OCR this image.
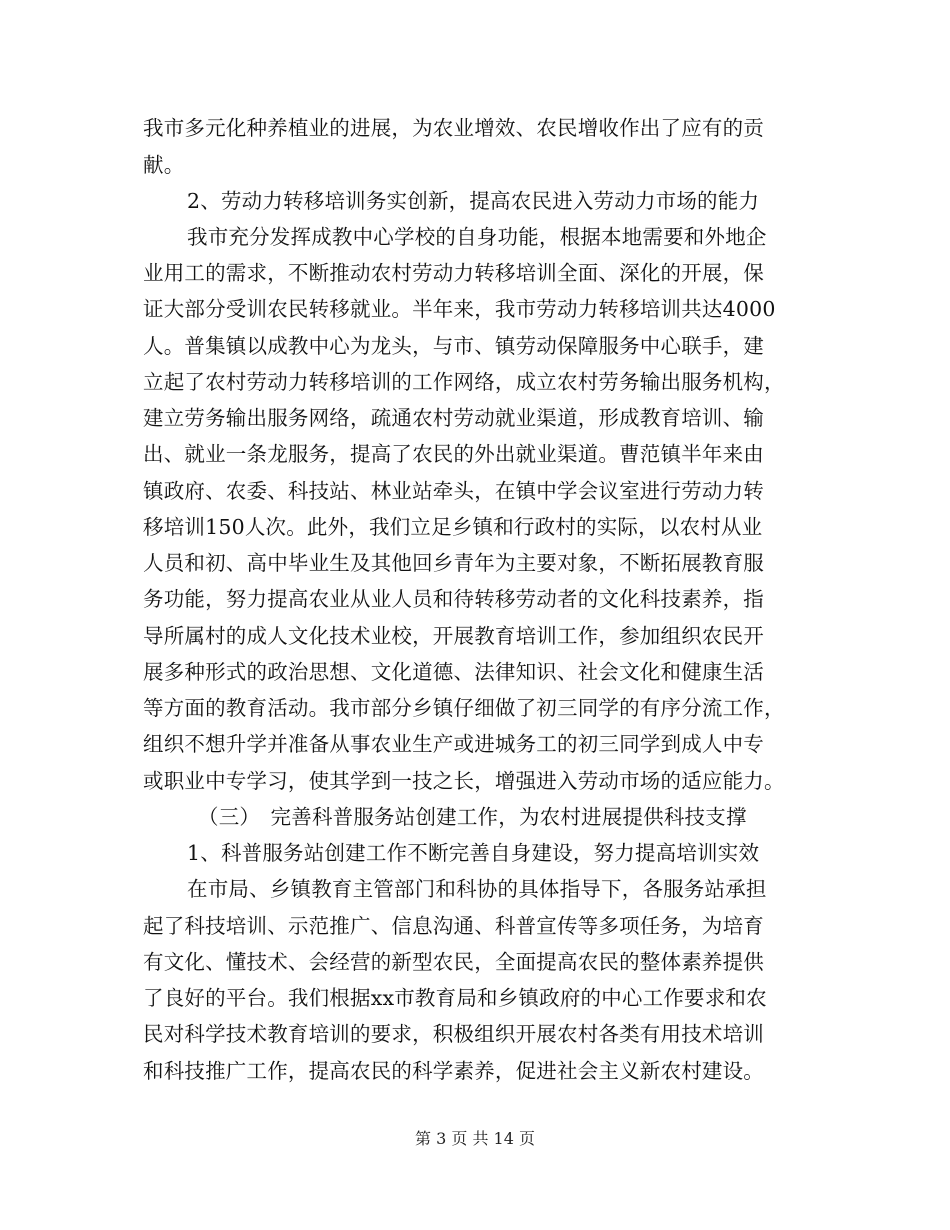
我市多元化种养植业的进展，为农业增效、农民增收作出了应有的贡
献。
2、劳动力转移培训务实创新，提高农民进入劳动力市场的能力
我市充分发挥成教中心学校的自身功能，根据本地需要和外地企
业用工的需求，不断推动农村劳动力转移培训全面、深化的开展，保
证大部分受训农民转移就业。半年来，我市劳动力转移培训共达4000
人。普集镇以成教中心为龙头，与市、镇劳动保障服务中心联手，建
立起了农村劳动力转移培训的工作网络，成立农村劳务输出服务机构，
建立劳务输出服务网络，疏通农村劳动就业渠道，形成教育培训、输
出、就业一条龙服务，提高了农民的外出就业渠道。曹范镇半年来由
镇政府、农委、科技站、林业站牵头，在镇中学会议室进行劳动力转
移培训150人次。此外，我们立足乡镇和行政村的实际，以农村从业
人员和初、高中毕业生及其他回乡青年为主要对象，不断拓展教育服
务功能，努力提高农业从业人员和待转移劳动者的文化科技素养，指
导所属村的成人文化技术业校，开展教育培训工作，参加组织农民开
展多种形式的政治思想、文化道德、法律知识、社会文化和健康生活
等方面的教育活动。我市部分乡镇仔细做了初三同学的有序分流工作，
组织不想升学并准备从事农业生产或进城务工的初三同学到成人中专
或职业中专学习，使其学到一技之长，增强进入劳动市场的适应能力。
（三）　完善科普服务站创建工作，为农村进展提供科技支撑
1、科普服务站创建工作不断完善自身建设，努力提高培训实效
在市局、乡镇教育主管部门和科协的具体指导下，各服务站承担
起了科技培训、示范推广、信息沟通、科普宣传等多项任务，为培育
有文化、懂技术、会经营的新型农民，全面提高农民的整体素养提供
了良好的平台。我们根据xx市教育局和乡镇政府的中心工作要求和农
民对科学技术教育培训的要求，积极组织开展农村各类有用技术培训
和科技推广工作，提高农民的科学素养，促进社会主义新农村建设。
第 3 页 共 14 页
